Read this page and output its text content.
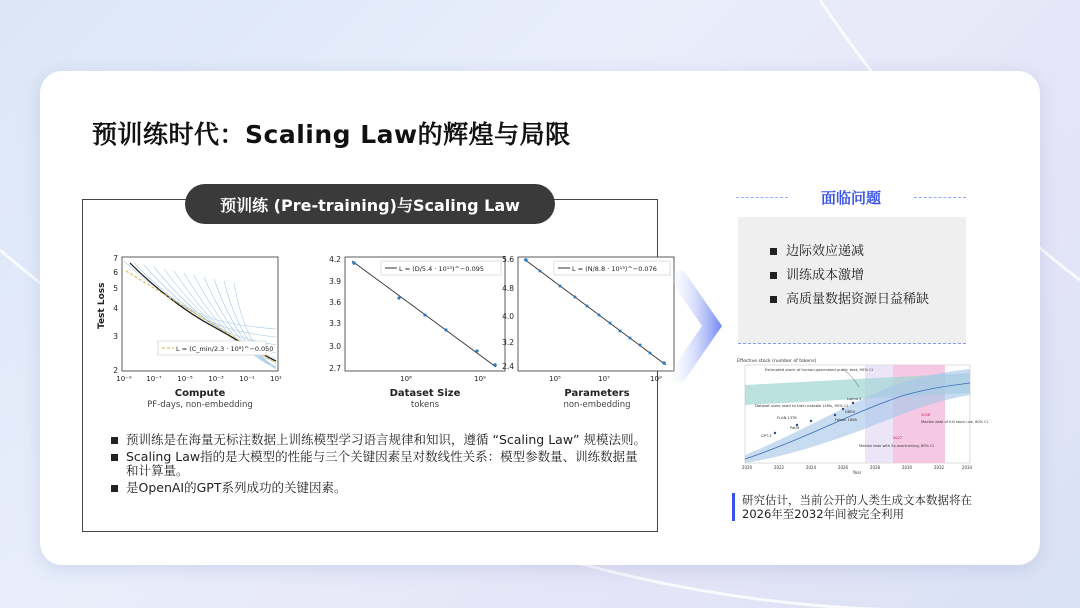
预训练时代：Scaling Law的辉煌与局限
预训练 (Pre-training)与Scaling Law
L = (C_min/2.3 · 10⁸)^−0.050
Test Loss
7
6
5
4
3
2
10⁻⁹ 10⁻⁷ 10⁻⁵ 10⁻³ 10⁻¹ 10¹
Compute
PF-days, non-embedding
L = (D/5.4 · 10¹³)^−0.095
4.2
3.9
3.6
3.3
3.0
2.7
10⁸	10⁹
Dataset Size
tokens
L = (N/8.8 · 10¹³)^−0.076
5.6
4.8
4.0
3.2
2.4
10⁵	10⁷	10⁹
Parameters
non-embedding
预训练是在海量无标注数据上训练模型学习语言规律和知识，遵循 “Scaling Law” 规模法则。
Scaling Law指的是大模型的性能与三个关键因素呈对数线性关系：模型参数量、训练数据量和计算量。
是OpenAI的GPT系列成功的关键因素。
面临问题
边际效应递减
训练成本激增
高质量数据资源日益稀缺
Effective stock (number of tokens)
Estimated stock of human-generated public text, 95% CI
Dataset sizes used to train notable LLMs, 95% CI
GPT-3
PaLM
FLAN 137B	Falcon 180B
DBRX
Llama 3
2028
2027
Median date of full stock use, 80% CI
Median date with 5x overtraining, 80% CI
2020	2022	2024	2026	2028	2030	2032	2034
Year
研究估计，当前公开的人类生成文本数据将在2026年至2032年间被完全利用
